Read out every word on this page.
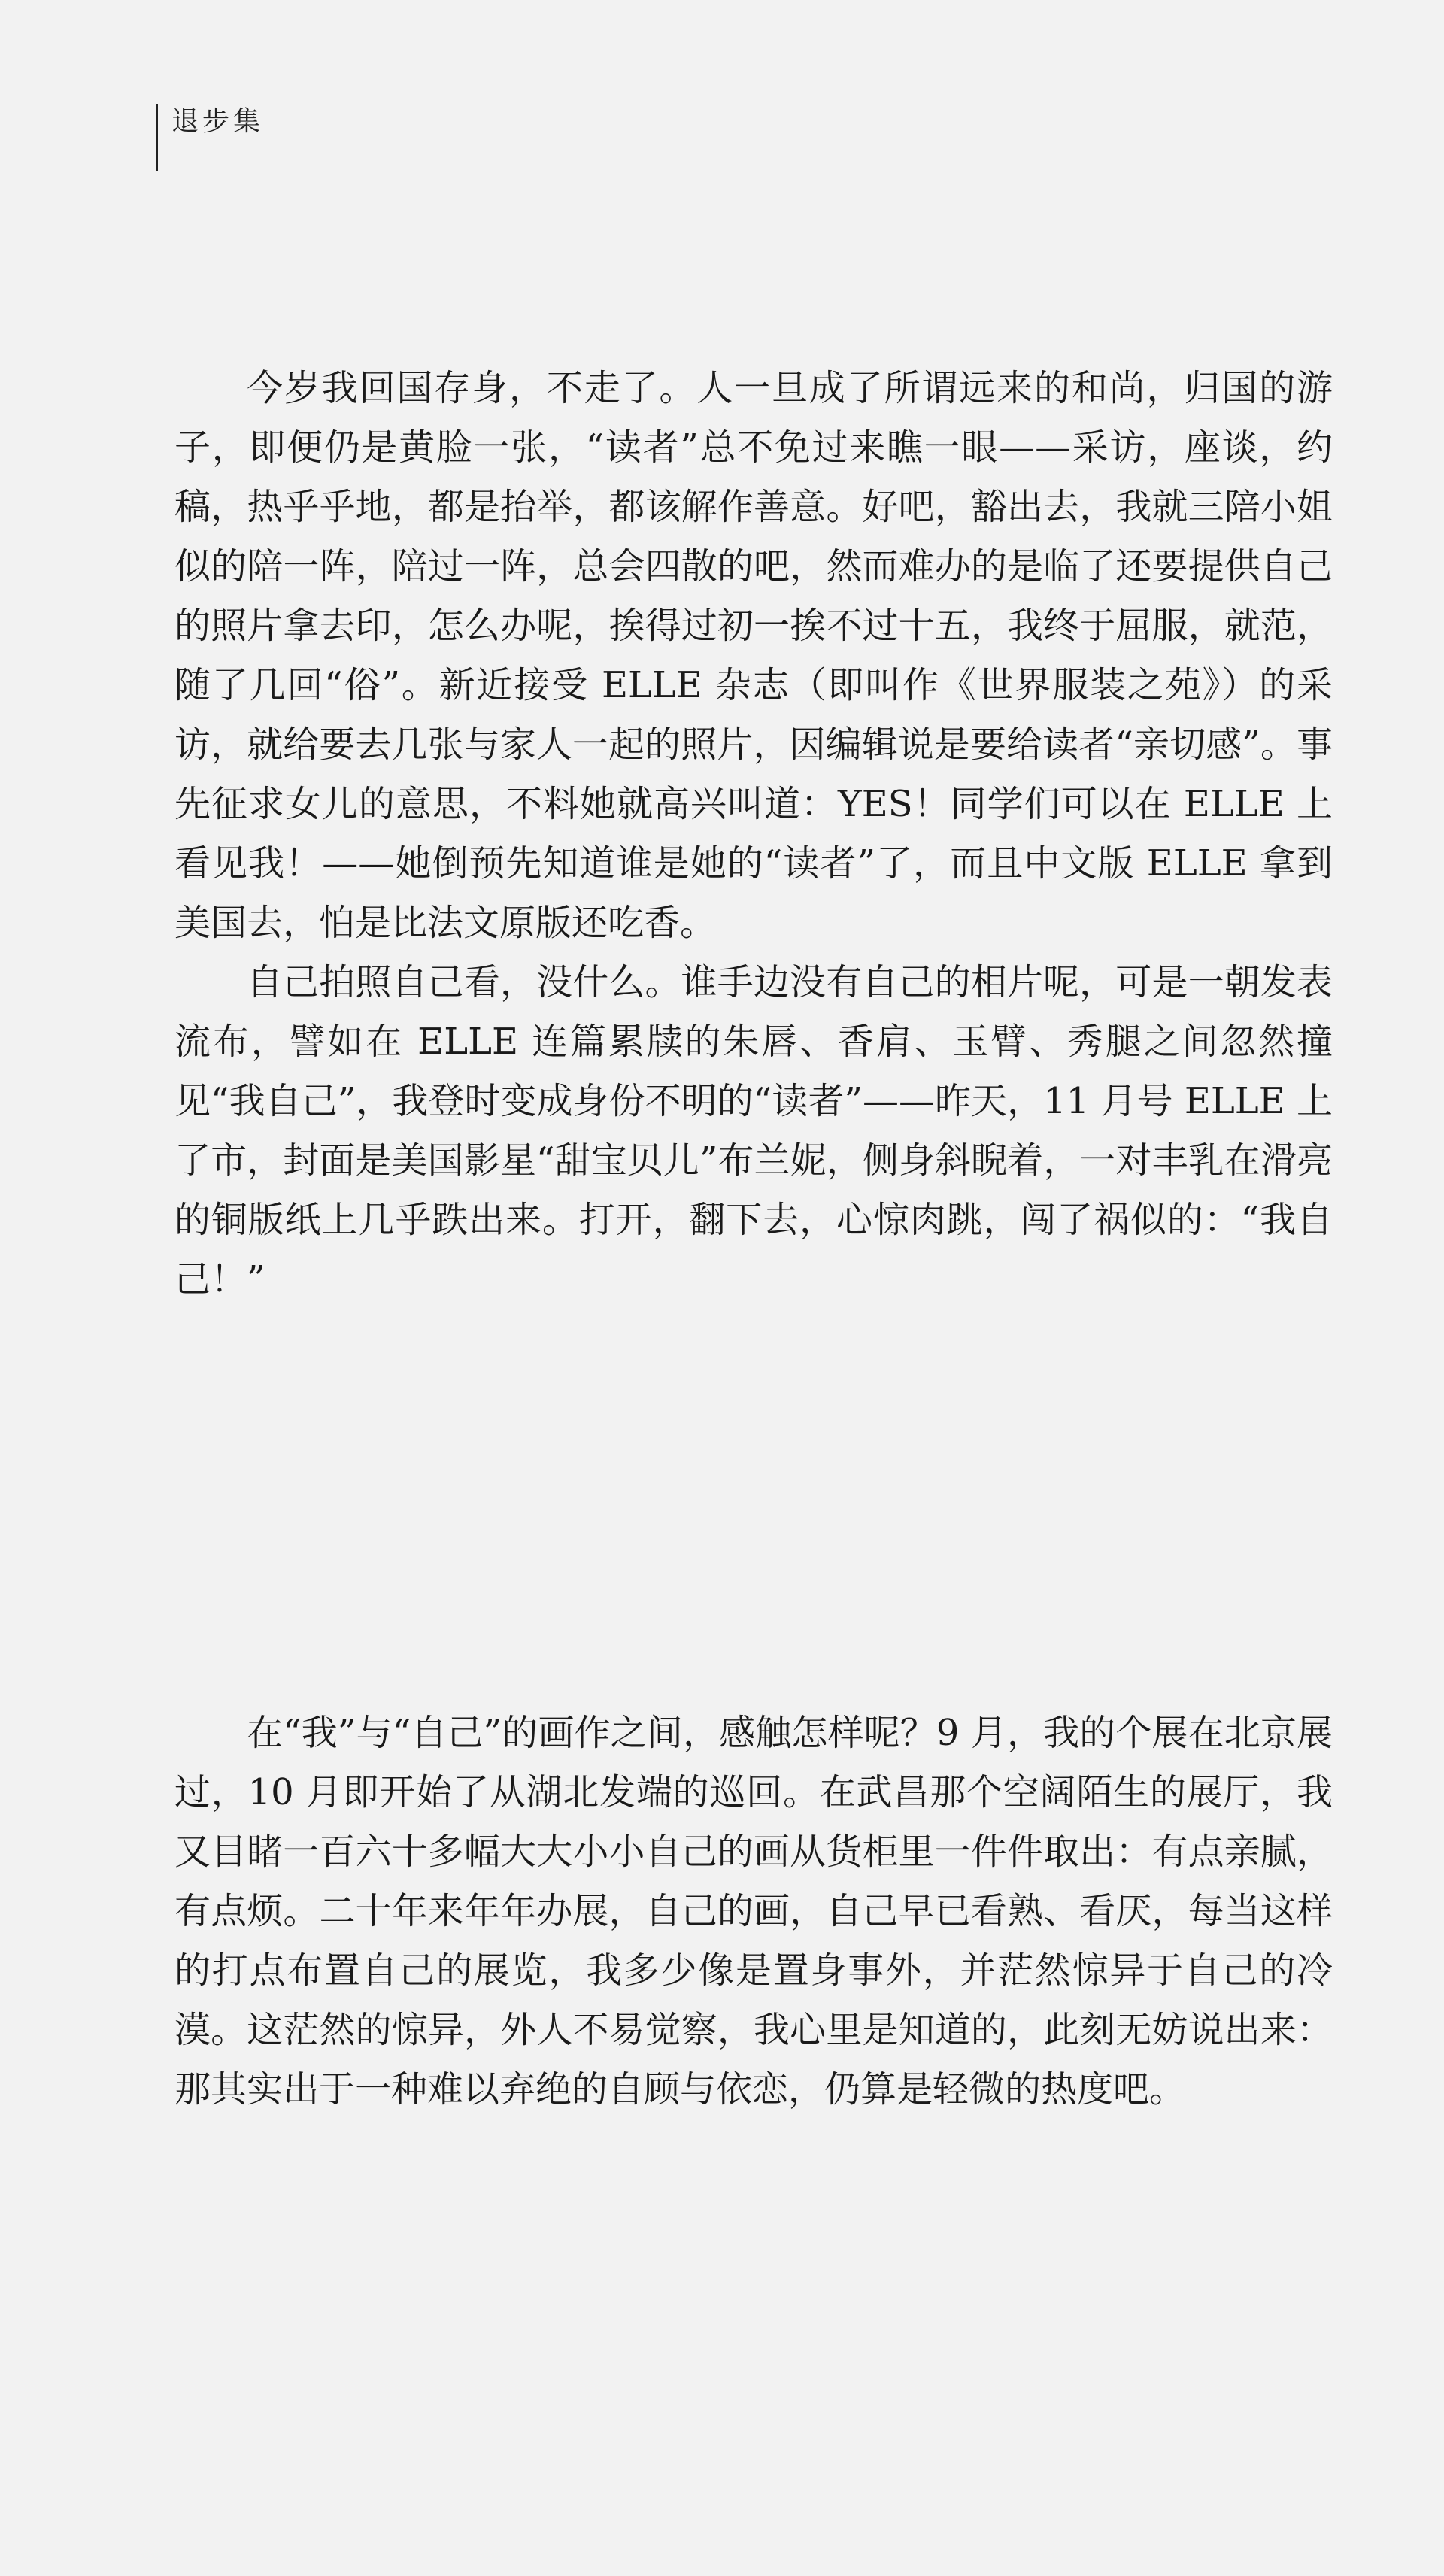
退步集

今岁我回国存身，不走了。人一旦成了所谓远来的和尚，归国的游子，即便仍是黄脸一张，“读者”总不免过来瞧一眼——采访，座谈，约稿，热乎乎地，都是抬举，都该解作善意。好吧，豁出去，我就三陪小姐似的陪一阵，陪过一阵，总会四散的吧，然而难办的是临了还要提供自己的照片拿去印，怎么办呢，挨得过初一挨不过十五，我终于屈服，就范，随了几回“俗”。新近接受 ELLE 杂志（即叫作《世界服装之苑》）的采访，就给要去几张与家人一起的照片，因编辑说是要给读者“亲切感”。事先征求女儿的意思，不料她就高兴叫道：YES！同学们可以在 ELLE 上看见我！——她倒预先知道谁是她的“读者”了，而且中文版 ELLE 拿到美国去，怕是比法文原版还吃香。

自己拍照自己看，没什么。谁手边没有自己的相片呢，可是一朝发表流布，譬如在 ELLE 连篇累牍的朱唇、香肩、玉臂、秀腿之间忽然撞见“我自己”，我登时变成身份不明的“读者”——昨天，11 月号 ELLE 上了市，封面是美国影星“甜宝贝儿”布兰妮，侧身斜睨着，一对丰乳在滑亮的铜版纸上几乎跌出来。打开，翻下去，心惊肉跳，闯了祸似的：“我自己！”

在“我”与“自己”的画作之间，感触怎样呢？9 月，我的个展在北京展过，10 月即开始了从湖北发端的巡回。在武昌那个空阔陌生的展厅，我又目睹一百六十多幅大大小小自己的画从货柜里一件件取出：有点亲腻，有点烦。二十年来年年办展，自己的画，自己早已看熟、看厌，每当这样的打点布置自己的展览，我多少像是置身事外，并茫然惊异于自己的冷漠。这茫然的惊异，外人不易觉察，我心里是知道的，此刻无妨说出来：那其实出于一种难以弃绝的自顾与依恋，仍算是轻微的热度吧。
